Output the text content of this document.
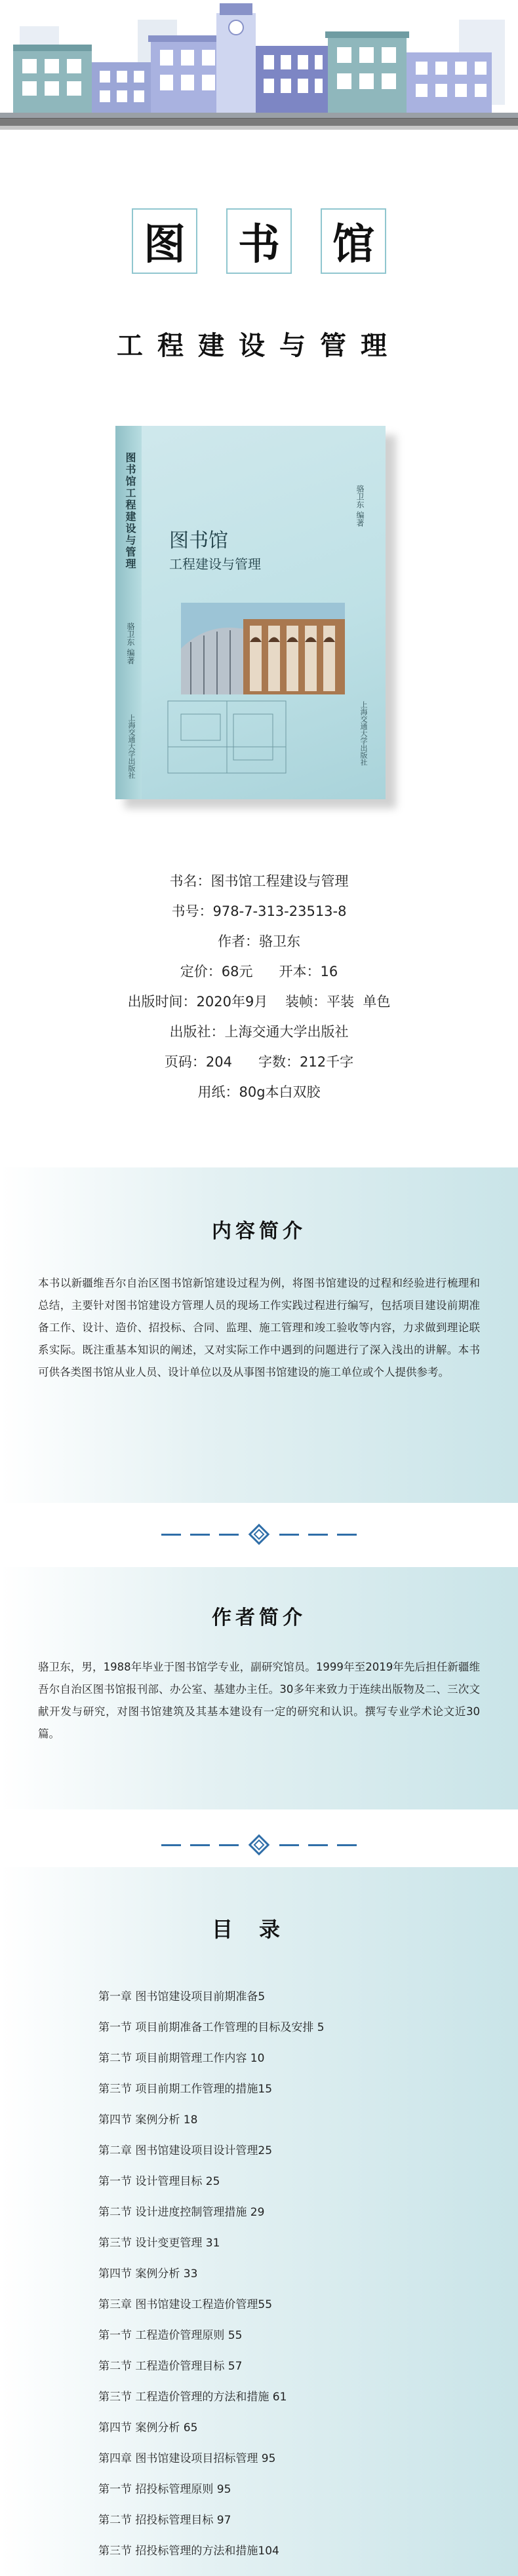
图 书 馆
工程建设与管理
图书馆工程建设与管理
骆卫东 编著
上海交通大学出版社
骆卫东 编著
图书馆
工程建设与管理
上海交通大学出版社
书名：图书馆工程建设与管理
书号：978-7-313-23513-8
作者：骆卫东
定价：68元      开本：16
出版时间：2020年9月    装帧：平装  单色
出版社：上海交通大学出版社
页码：204      字数：212千字
用纸：80g本白双胶
内容简介
本书以新疆维吾尔自治区图书馆新馆建设过程为例，将图书馆建设的过程和经验进行梳理和总结，主要针对图书馆建设方管理人员的现场工作实践过程进行编写，包括项目建设前期准备工作、设计、造价、招投标、合同、监理、施工管理和竣工验收等内容，力求做到理论联系实际。既注重基本知识的阐述，又对实际工作中遇到的问题进行了深入浅出的讲解。本书可供各类图书馆从业人员、设计单位以及从事图书馆建设的施工单位或个人提供参考。
作者简介
骆卫东，男，1988年毕业于图书馆学专业，副研究馆员。1999年至2019年先后担任新疆维吾尔自治区图书馆报刊部、办公室、基建办主任。30多年来致力于连续出版物及二、三次文献开发与研究，对图书馆建筑及其基本建设有一定的研究和认识。撰写专业学术论文近30篇。
目录
第一章 图书馆建设项目前期准备5
第一节 项目前期准备工作管理的目标及安排 5
第二节 项目前期管理工作内容 10
第三节 项目前期工作管理的措施15
第四节 案例分析 18
第二章 图书馆建设项目设计管理25
第一节 设计管理目标 25
第二节 设计进度控制管理措施 29
第三节 设计变更管理 31
第四节 案例分析 33
第三章 图书馆建设工程造价管理55
第一节 工程造价管理原则 55
第二节 工程造价管理目标 57
第三节 工程造价管理的方法和措施 61
第四节 案例分析 65
第四章 图书馆建设项目招标管理 95
第一节 招投标管理原则 95
第二节 招投标管理目标 97
第三节 招投标管理的方法和措施104
